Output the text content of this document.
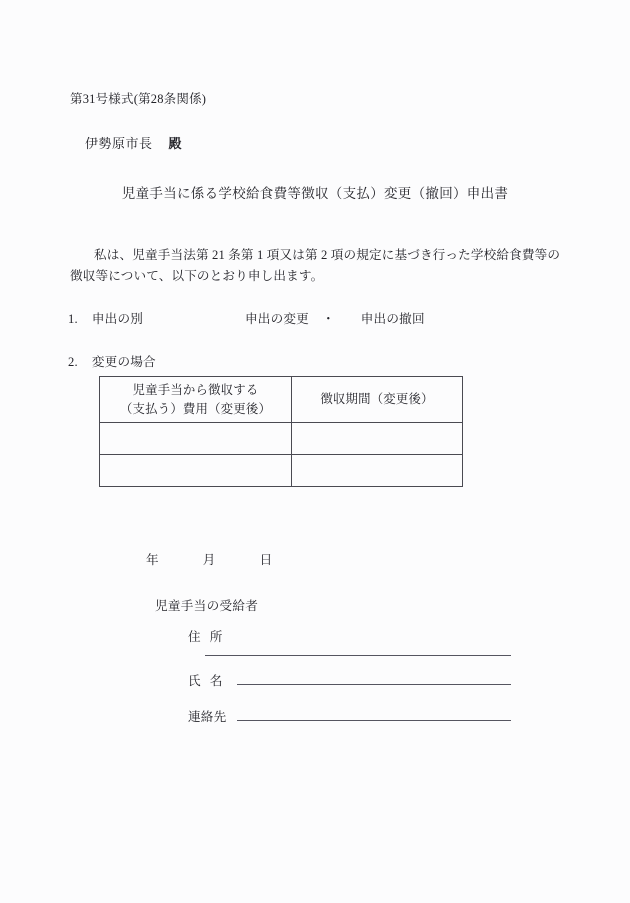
第31号様式(第28条関係)
伊勢原市長 殿
児童手当に係る学校給食費等徴収（支払）変更（撤回）申出書
私は、児童手当法第 21 条第 1 項又は第 2 項の規定に基づき行った学校給食費等の徴収等について、以下のとおり申し出ます。
1. 申出の別	申出の変更 ・ 申出の撤回
2. 変更の場合
児童手当から徴収する
（支払う）費用（変更後）	徴収期間（変更後）

年	月	日
児童手当の受給者
住 所
氏 名
連絡先
